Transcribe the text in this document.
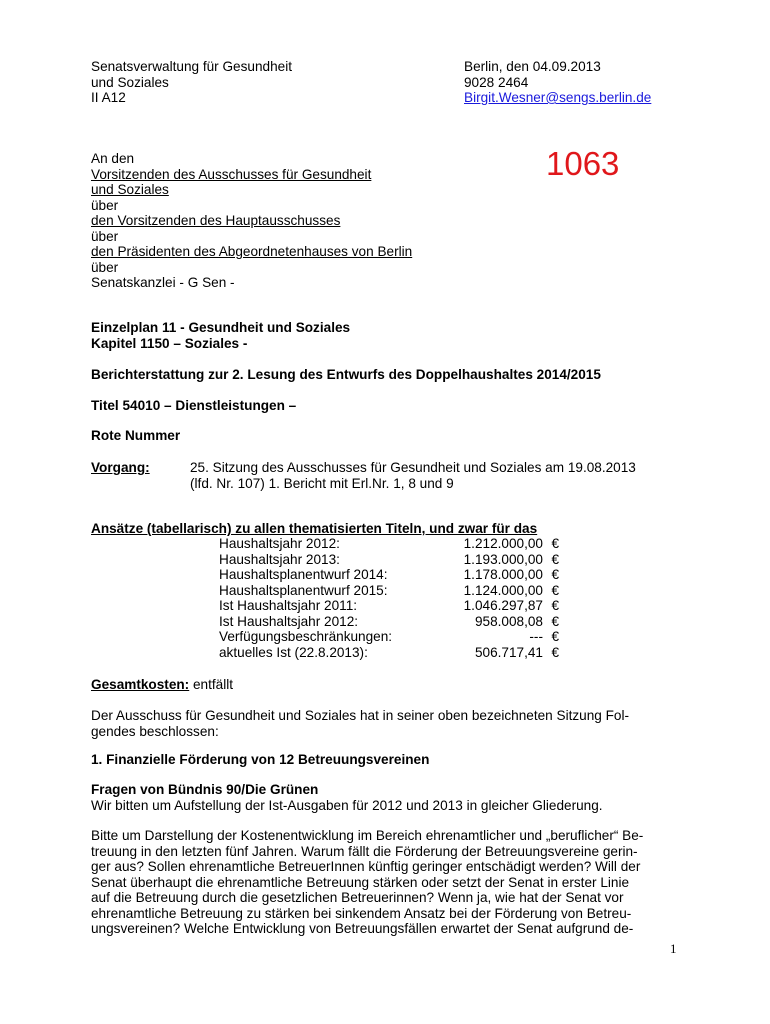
Senatsverwaltung für Gesundheit
und Soziales
II A12
Berlin, den 04.09.2013
9028 2464
Birgit.Wesner@sengs.berlin.de
1063
An den
Vorsitzenden des Ausschusses für Gesundheit
und Soziales
über
den Vorsitzenden des Hauptausschusses
über
den Präsidenten des Abgeordnetenhauses von Berlin
über
Senatskanzlei - G Sen -
Einzelplan 11 - Gesundheit und Soziales
Kapitel 1150 – Soziales -
Berichterstattung zur 2. Lesung des Entwurfs des Doppelhaushaltes 2014/2015
Titel 54010 – Dienstleistungen –
Rote Nummer
Vorgang:	25. Sitzung des Ausschusses für Gesundheit und Soziales am 19.08.2013
(lfd. Nr. 107) 1. Bericht mit Erl.Nr. 1, 8 und 9
Ansätze (tabellarisch) zu allen thematisierten Titeln, und zwar für das
Haushaltsjahr 2012:	1.212.000,00 €
Haushaltsjahr 2013:	1.193.000,00 €
Haushaltsplanentwurf 2014:	1.178.000,00 €
Haushaltsplanentwurf 2015:	1.124.000,00 €
Ist Haushaltsjahr 2011:	1.046.297,87 €
Ist Haushaltsjahr 2012:	958.008,08 €
Verfügungsbeschränkungen:	--- €
aktuelles Ist (22.8.2013):	506.717,41 €
Gesamtkosten: entfällt
Der Ausschuss für Gesundheit und Soziales hat in seiner oben bezeichneten Sitzung Fol-
gendes beschlossen:
1. Finanzielle Förderung von 12 Betreuungsvereinen
Fragen von Bündnis 90/Die Grünen
Wir bitten um Aufstellung der Ist-Ausgaben für 2012 und 2013 in gleicher Gliederung.
Bitte um Darstellung der Kostenentwicklung im Bereich ehrenamtlicher und „beruflicher“ Be-
treuung in den letzten fünf Jahren. Warum fällt die Förderung der Betreuungsvereine gerin-
ger aus? Sollen ehrenamtliche BetreuerInnen künftig geringer entschädigt werden? Will der
Senat überhaupt die ehrenamtliche Betreuung stärken oder setzt der Senat in erster Linie
auf die Betreuung durch die gesetzlichen Betreuerinnen? Wenn ja, wie hat der Senat vor
ehrenamtliche Betreuung zu stärken bei sinkendem Ansatz bei der Förderung von Betreu-
ungsvereinen? Welche Entwicklung von Betreuungsfällen erwartet der Senat aufgrund de-
1
